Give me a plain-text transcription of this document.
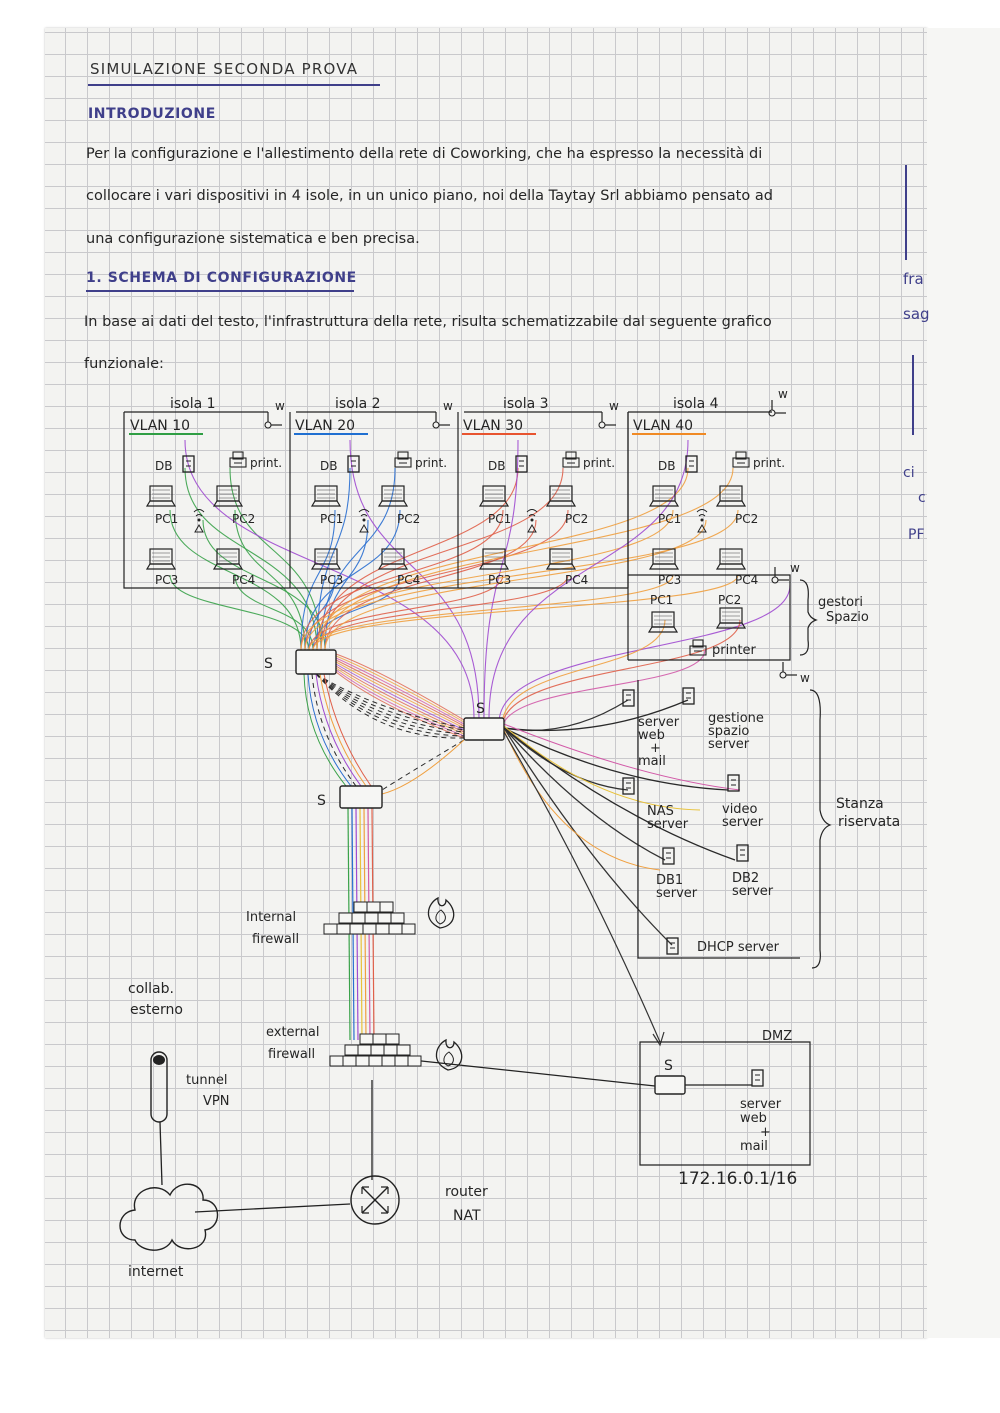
SIMULAZIONE SECONDA PROVA
INTRODUZIONE
Per la configurazione e l'allestimento della rete di Coworking, che ha espresso la necessità di
collocare i vari dispositivi in 4 isole, in un unico piano, noi della Taytay Srl abbiamo pensato ad
una configurazione sistematica e ben precisa.
1. SCHEMA DI CONFIGURAZIONE
In base ai dati del testo, l'infrastruttura della rete, risulta schematizzabile dal seguente grafico
funzionale:
w	w	w
w
w
w
isola 1
VLAN 10
DB	print.
PC1	PC2
PC3	PC4
isola 2
VLAN 20
DB	print.
PC1	PC2
PC3	PC4
isola 3
VLAN 30
DB	print.
PC1	PC2
PC3	PC4
isola 4
VLAN 40
DB	print.
PC1	PC2
PC3	PC4
PC1	PC2
printer
gestori
Spazio
S
S
S
S
server
web
+
mail
gestione
spazio
server
NAS
server
video
server
DB1
server
DB2
server
DHCP server
Stanza
riservata
Internal
firewall
external
firewall
collab.
esterno
tunnel
VPN
internet
router
NAT
DMZ
server
web
+
mail
172.16.0.1/16
fra
sag
ci
c
PF
